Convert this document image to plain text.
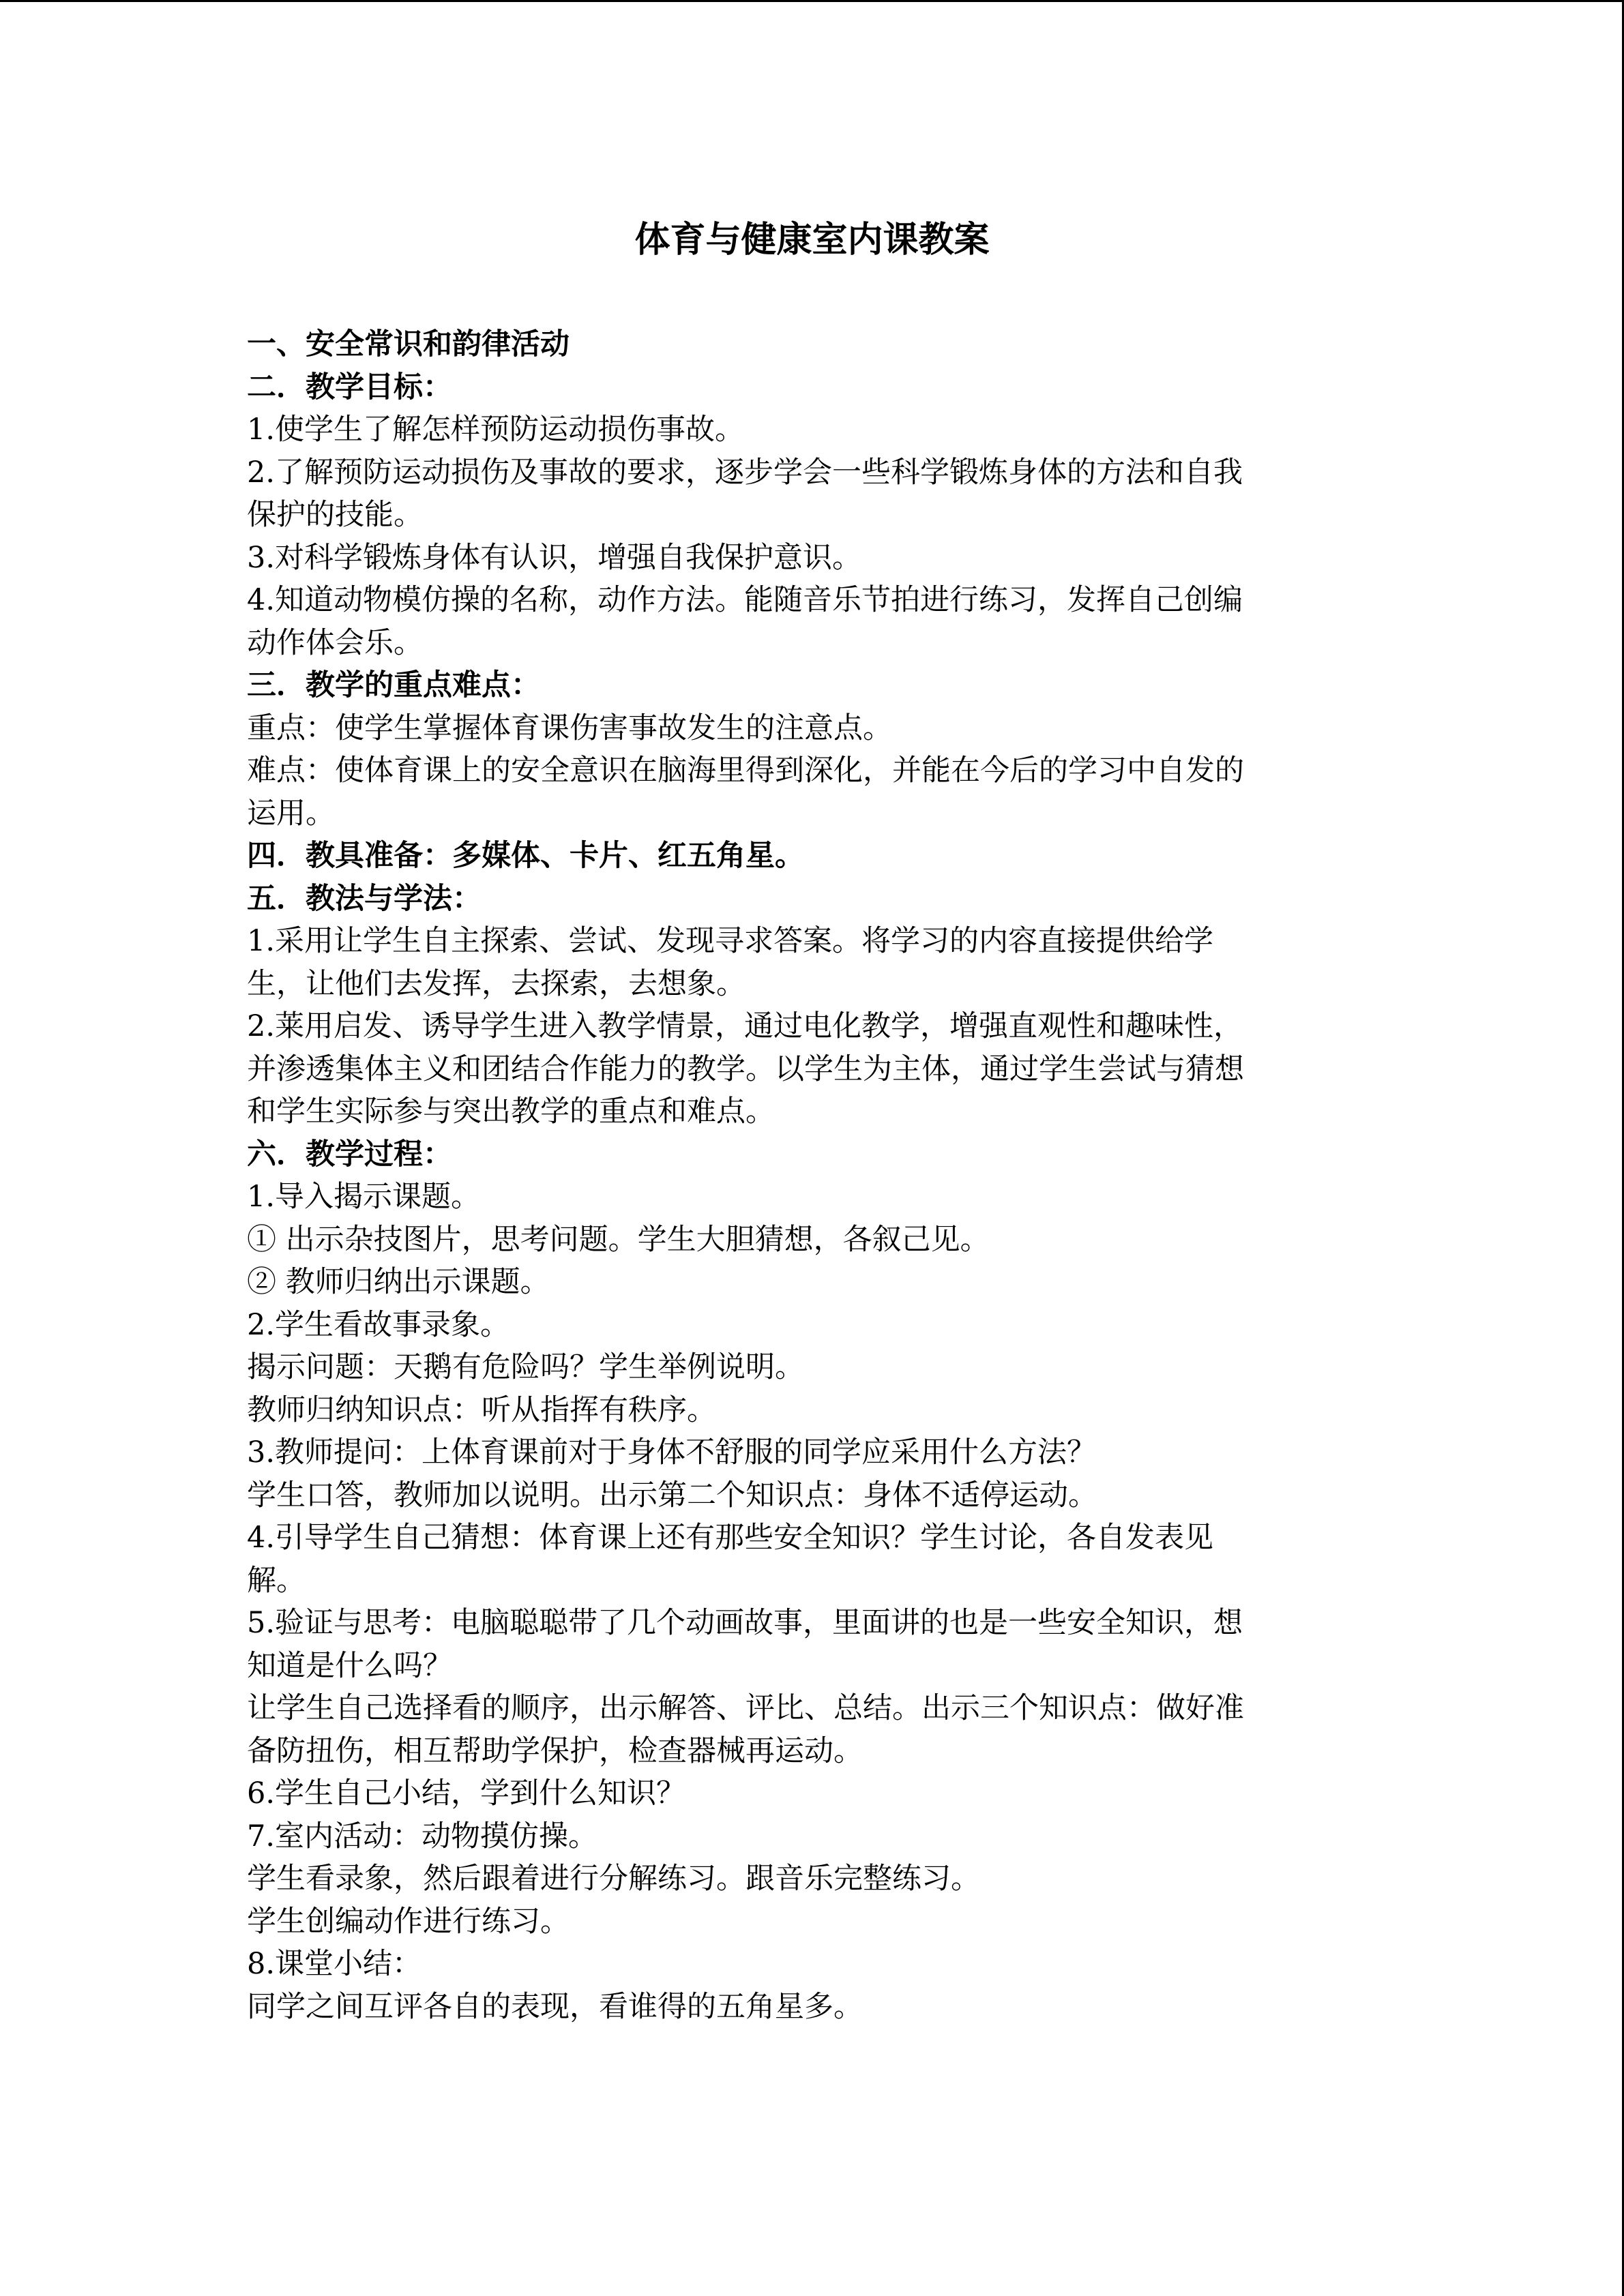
体育与健康室内课教案

一、安全常识和韵律活动

二．教学目标：

1.使学生了解怎样预防运动损伤事故。

2.了解预防运动损伤及事故的要求，逐步学会一些科学锻炼身体的方法和自我

保护的技能。

3.对科学锻炼身体有认识，增强自我保护意识。

4.知道动物模仿操的名称，动作方法。能随音乐节拍进行练习，发挥自己创编

动作体会乐。

三．教学的重点难点：

重点：使学生掌握体育课伤害事故发生的注意点。

难点：使体育课上的安全意识在脑海里得到深化，并能在今后的学习中自发的

运用。

四．教具准备：多媒体、卡片、红五角星。

五．教法与学法：

1.采用让学生自主探索、尝试、发现寻求答案。将学习的内容直接提供给学

生，让他们去发挥，去探索，去想象。

2.莱用启发、诱导学生进入教学情景，通过电化教学，增强直观性和趣味性，

并渗透集体主义和团结合作能力的教学。以学生为主体，通过学生尝试与猜想

和学生实际参与突出教学的重点和难点。

六．教学过程：

1.导入揭示课题。

① 出示杂技图片，思考问题。学生大胆猜想，各叙己见。

② 教师归纳出示课题。

2.学生看故事录象。

揭示问题：天鹅有危险吗？学生举例说明。

教师归纳知识点：听从指挥有秩序。

3.教师提问：上体育课前对于身体不舒服的同学应采用什么方法？

学生口答，教师加以说明。出示第二个知识点：身体不适停运动。

4.引导学生自己猜想：体育课上还有那些安全知识？学生讨论，各自发表见

解。

5.验证与思考：电脑聪聪带了几个动画故事，里面讲的也是一些安全知识，想

知道是什么吗？

让学生自己选择看的顺序，出示解答、评比、总结。出示三个知识点：做好准

备防扭伤，相互帮助学保护，检查器械再运动。

6.学生自己小结，学到什么知识？

7.室内活动：动物摸仿操。

学生看录象，然后跟着进行分解练习。跟音乐完整练习。

学生创编动作进行练习。

8.课堂小结：

同学之间互评各自的表现，看谁得的五角星多。
